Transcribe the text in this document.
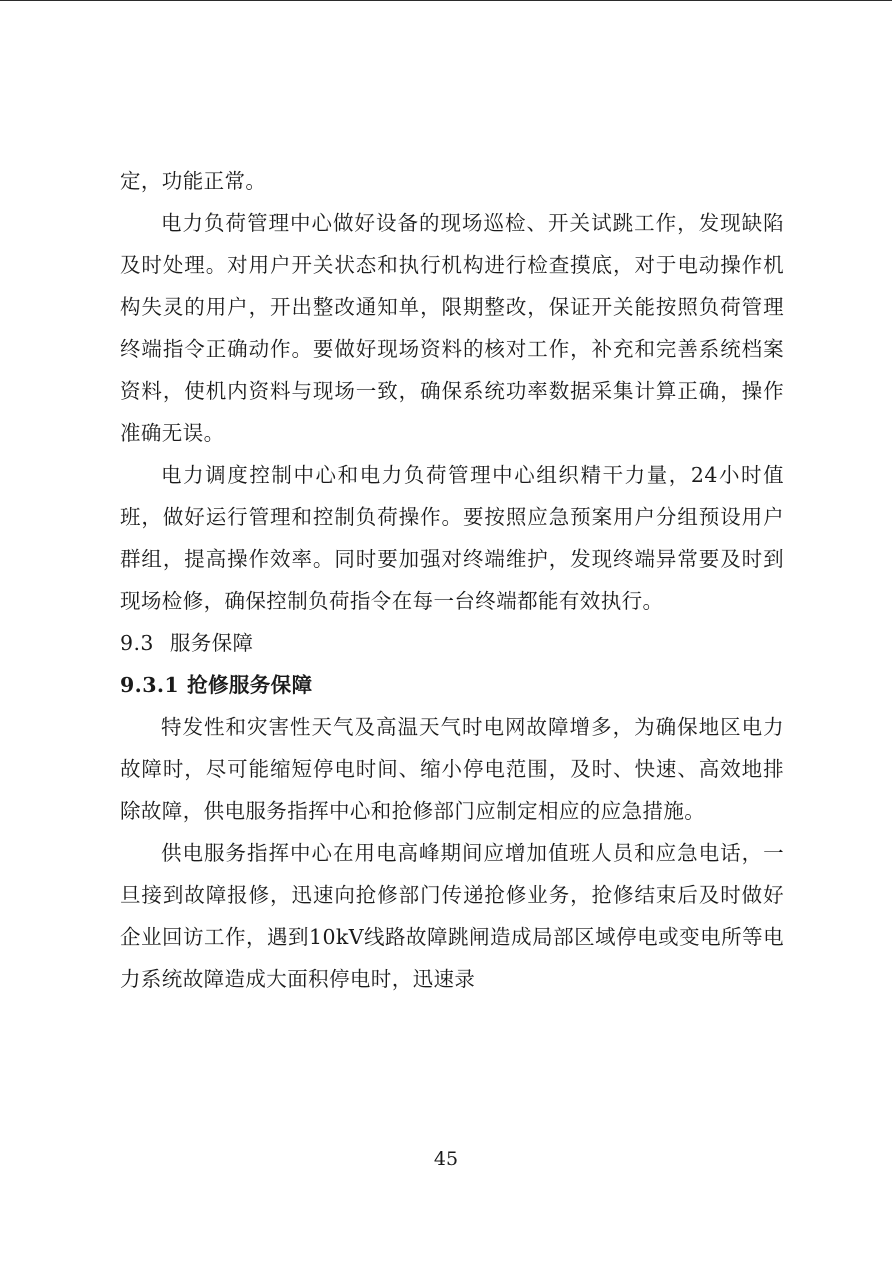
定，功能正常。

电力负荷管理中心做好设备的现场巡检、开关试跳工作，发现缺陷及时处理。对用户开关状态和执行机构进行检查摸底，对于电动操作机构失灵的用户，开出整改通知单，限期整改，保证开关能按照负荷管理终端指令正确动作。要做好现场资料的核对工作，补充和完善系统档案资料，使机内资料与现场一致，确保系统功率数据采集计算正确，操作准确无误。

电力调度控制中心和电力负荷管理中心组织精干力量，24小时值班，做好运行管理和控制负荷操作。要按照应急预案用户分组预设用户群组，提高操作效率。同时要加强对终端维护，发现终端异常要及时到现场检修，确保控制负荷指令在每一台终端都能有效执行。

9.3 服务保障
9.3.1 抢修服务保障

特发性和灾害性天气及高温天气时电网故障增多，为确保地区电力故障时，尽可能缩短停电时间、缩小停电范围，及时、快速、高效地排除故障，供电服务指挥中心和抢修部门应制定相应的应急措施。

供电服务指挥中心在用电高峰期间应增加值班人员和应急电话，一旦接到故障报修，迅速向抢修部门传递抢修业务，抢修结束后及时做好企业回访工作，遇到10kV线路故障跳闸造成局部区域停电或变电所等电力系统故障造成大面积停电时，迅速录

45
